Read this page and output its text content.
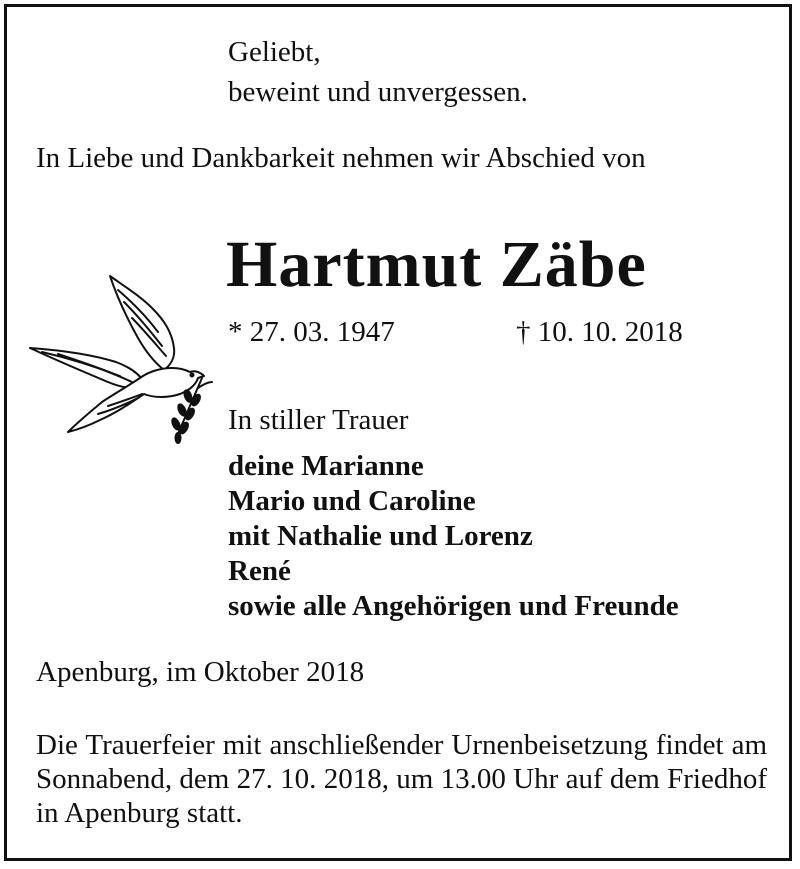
Geliebt,

beweint und unvergessen.

In Liebe und Dankbarkeit nehmen wir Abschied von

Hartmut Zäbe

* 27. 03. 1947	† 10. 10. 2018

In stiller Trauer

deine Marianne

Mario und Caroline

mit Nathalie und Lorenz

René

sowie alle Angehörigen und Freunde

Apenburg, im Oktober 2018

Die Trauerfeier mit anschließender Urnenbeisetzung findet am Sonnabend, dem 27. 10. 2018, um 13.00 Uhr auf dem Friedhof in Apenburg statt.
